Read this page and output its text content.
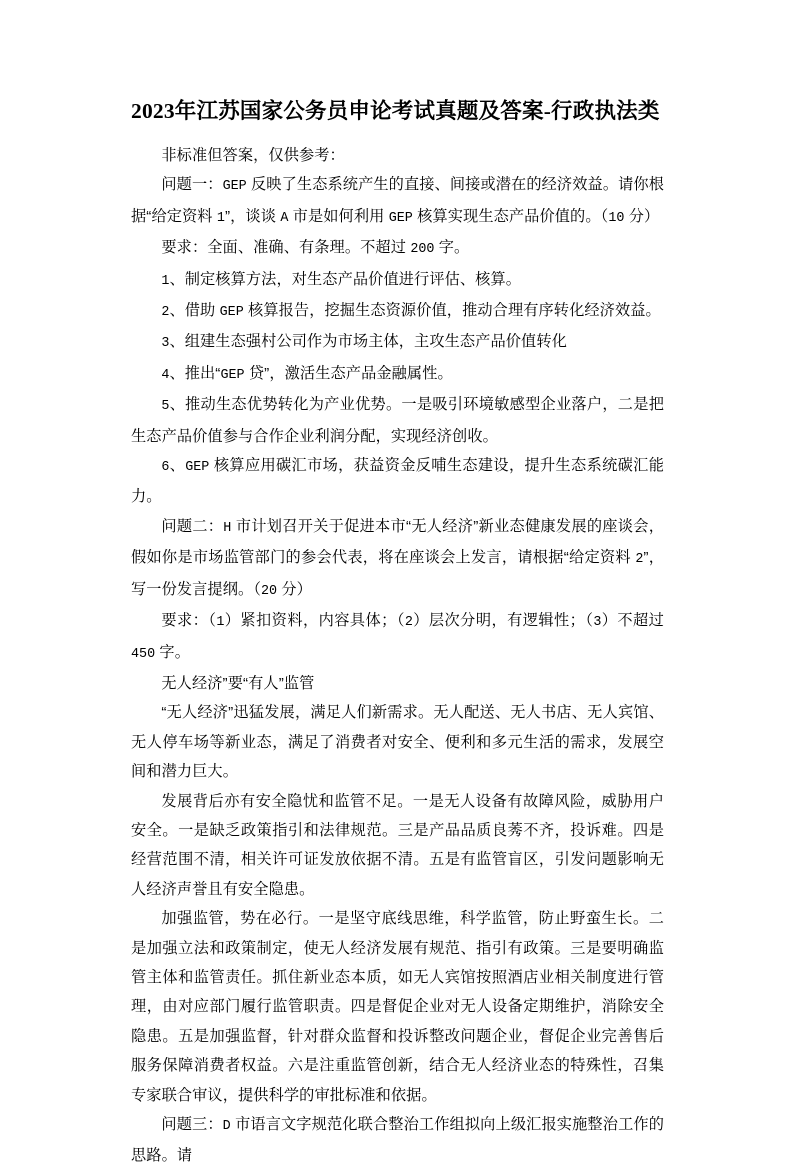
2023年江苏国家公务员申论考试真题及答案-行政执法类

非标准但答案，仅供参考：

问题一：GEP 反映了生态系统产生的直接、间接或潜在的经济效益。请你根据“给定资料 1”，谈谈 A 市是如何利用 GEP 核算实现生态产品价值的。（10 分）

要求：全面、准确、有条理。不超过 200 字。

1、制定核算方法，对生态产品价值进行评估、核算。

2、借助 GEP 核算报告，挖掘生态资源价值，推动合理有序转化经济效益。

3、组建生态强村公司作为市场主体，主攻生态产品价值转化

4、推出“GEP 贷”，激活生态产品金融属性。

5、推动生态优势转化为产业优势。一是吸引环境敏感型企业落户，二是把生态产品价值参与合作企业利润分配，实现经济创收。

6、GEP 核算应用碳汇市场，获益资金反哺生态建设，提升生态系统碳汇能力。

问题二：H 市计划召开关于促进本市“无人经济”新业态健康发展的座谈会，假如你是市场监管部门的参会代表，将在座谈会上发言，请根据“给定资料 2”，写一份发言提纲。（20 分）

要求：（1）紧扣资料，内容具体；（2）层次分明，有逻辑性；（3）不超过 450 字。

无人经济”要“有人”监管

“无人经济”迅猛发展，满足人们新需求。无人配送、无人书店、无人宾馆、无人停车场等新业态，满足了消费者对安全、便利和多元生活的需求，发展空间和潜力巨大。

发展背后亦有安全隐忧和监管不足。一是无人设备有故障风险，威胁用户安全。一是缺乏政策指引和法律规范。三是产品品质良莠不齐，投诉难。四是经营范围不清，相关许可证发放依据不清。五是有监管盲区，引发问题影响无人经济声誉且有安全隐患。

加强监管，势在必行。一是坚守底线思维，科学监管，防止野蛮生长。二是加强立法和政策制定，使无人经济发展有规范、指引有政策。三是要明确监管主体和监管责任。抓住新业态本质，如无人宾馆按照酒店业相关制度进行管理，由对应部门履行监管职责。四是督促企业对无人设备定期维护，消除安全隐患。五是加强监督，针对群众监督和投诉整改问题企业，督促企业完善售后服务保障消费者权益。六是注重监管创新，结合无人经济业态的特殊性，召集专家联合审议，提供科学的审批标准和依据。

问题三：D 市语言文字规范化联合整治工作组拟向上级汇报实施整治工作的思路。请
